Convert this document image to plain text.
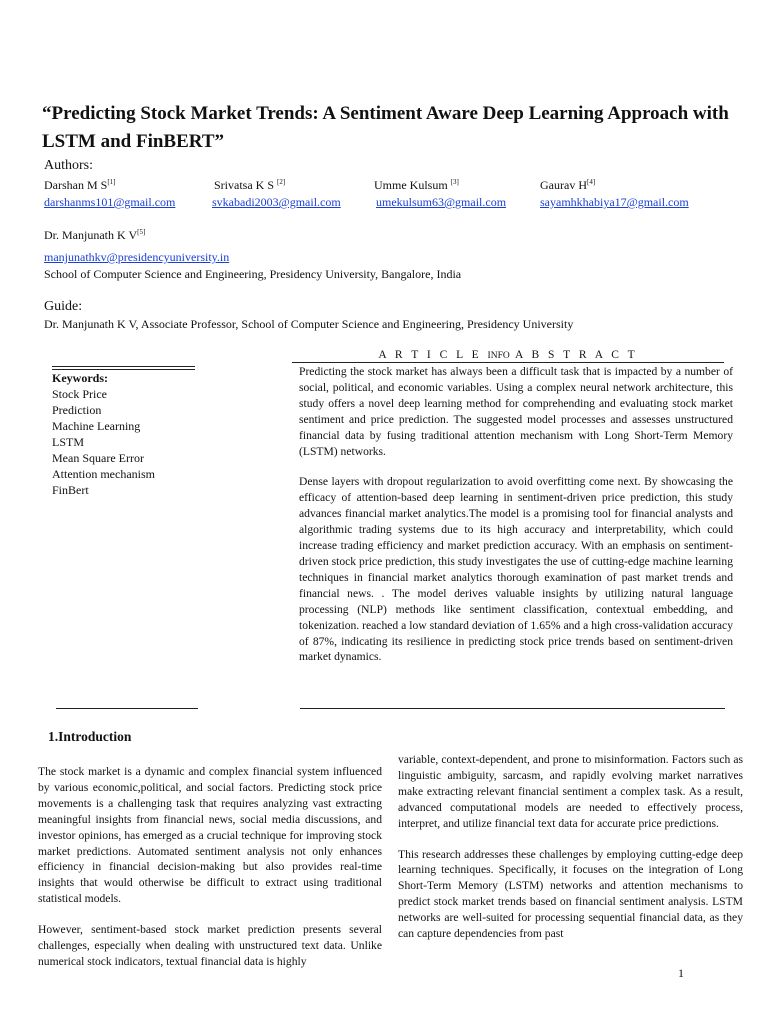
“Predicting Stock Market Trends: A Sentiment Aware Deep Learning Approach with LSTM and FinBERT”
Authors:
Darshan M S[1]	Srivatsa K S [2]	Umme Kulsum [3]	Gaurav H[4]
darshanms101@gmail.com	svkabadi2003@gmail.com	umekulsum63@gmail.com	sayamhkhabiya17@gmail.com
Dr. Manjunath K V[5]
manjunathkv@presidencyuniversity.in
School of Computer Science and Engineering, Presidency University, Bangalore, India
Guide:
Dr. Manjunath K V, Associate Professor, School of Computer Science and Engineering, Presidency University
A R T I C L E INFO A B S T R A C T
Keywords:
Stock Price
Prediction
Machine Learning
LSTM
Mean Square Error
Attention mechanism
FinBert

Predicting the stock market has always been a difficult task that is impacted by a number of social, political, and economic variables. Using a complex neural network architecture, this study offers a novel deep learning method for comprehending and evaluating stock market sentiment and price prediction. The suggested model processes and assesses unstructured financial data by fusing traditional attention mechanism with Long Short-Term Memory (LSTM) networks.

Dense layers with dropout regularization to avoid overfitting come next. By showcasing the efficacy of attention-based deep learning in sentiment-driven price prediction, this study advances financial market analytics.The model is a promising tool for financial analysts and algorithmic trading systems due to its high accuracy and interpretability, which could increase trading efficiency and market prediction accuracy. With an emphasis on sentiment-driven stock price prediction, this study investigates the use of cutting-edge machine learning techniques in financial market analytics thorough examination of past market trends and financial news. . The model derives valuable insights by utilizing natural language processing (NLP) methods like sentiment classification, contextual embedding, and tokenization. reached a low standard deviation of 1.65% and a high cross-validation accuracy of 87%, indicating its resilience in predicting stock price trends based on sentiment-driven market dynamics.

1.Introduction

The stock market is a dynamic and complex financial system influenced by various economic,political, and social factors. Predicting stock price movements is a challenging task that requires analyzing vast extracting meaningful insights from financial news, social media discussions, and investor opinions, has emerged as a crucial technique for improving stock market predictions. Automated sentiment analysis not only enhances efficiency in financial decision-making but also provides real-time insights that would otherwise be difficult to extract using traditional statistical models.

However, sentiment-based stock market prediction presents several challenges, especially when dealing with unstructured text data. Unlike numerical stock indicators, textual financial data is highly

variable, context-dependent, and prone to misinformation. Factors such as linguistic ambiguity, sarcasm, and rapidly evolving market narratives make extracting relevant financial sentiment a complex task. As a result, advanced computational models are needed to effectively process, interpret, and utilize financial text data for accurate price predictions.

This research addresses these challenges by employing cutting-edge deep learning techniques. Specifically, it focuses on the integration of Long Short-Term Memory (LSTM) networks and attention mechanisms to predict stock market trends based on financial sentiment analysis. LSTM networks are well-suited for processing sequential financial data, as they can capture dependencies from past

1
